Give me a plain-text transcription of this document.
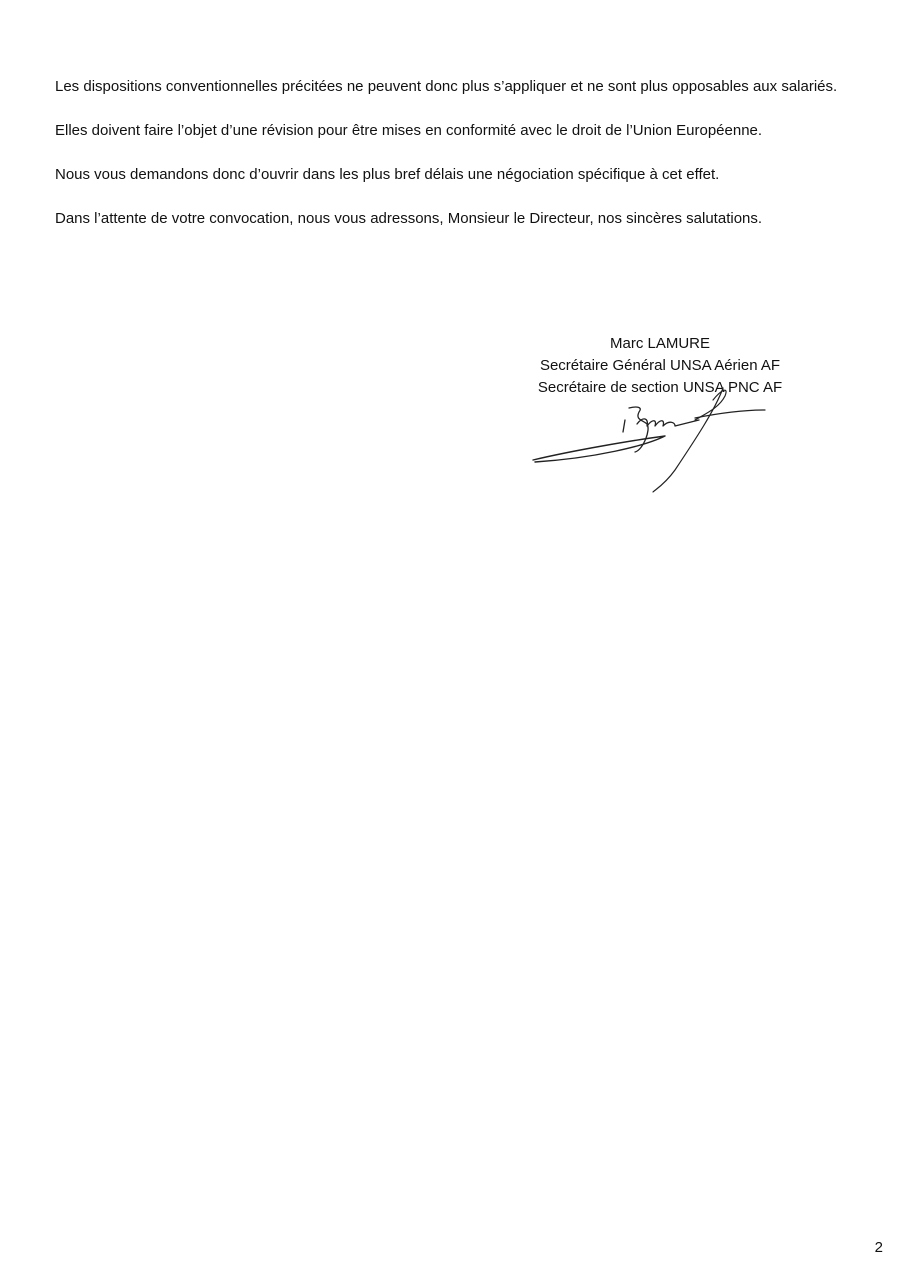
Les dispositions conventionnelles précitées ne peuvent donc plus s’appliquer et ne sont plus opposables aux salariés.

Elles doivent faire l’objet d’une révision pour être mises en conformité avec le droit de l’Union Européenne.

Nous vous demandons donc d’ouvrir dans les plus bref délais une négociation spécifique à cet effet.

Dans l’attente de votre convocation, nous vous adressons, Monsieur le Directeur, nos sincères salutations.

Marc LAMURE
Secrétaire Général UNSA Aérien AF
Secrétaire de section UNSA PNC AF
2
